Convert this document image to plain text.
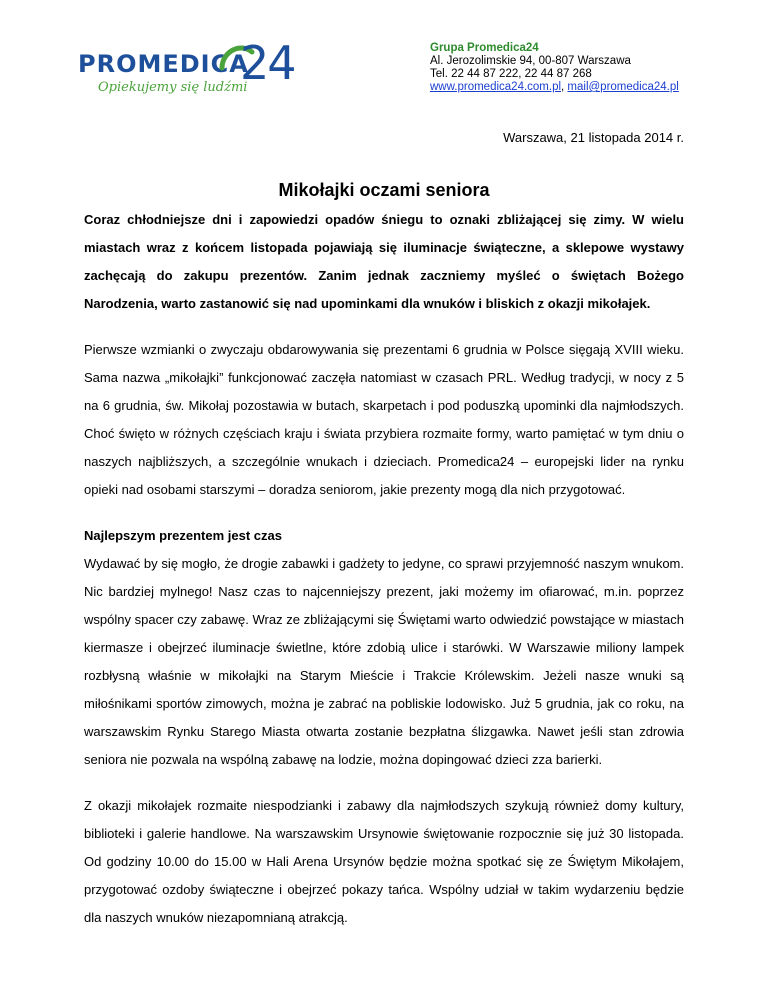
PROMEDICA
24
Opiekujemy się ludźmi
Grupa Promedica24
Al. Jerozolimskie 94, 00-807 Warszawa
Tel. 22 44 87 222, 22 44 87 268
www.promedica24.com.pl, mail@promedica24.pl
Warszawa, 21 listopada 2014 r.
Mikołajki oczami seniora

Coraz chłodniejsze dni i zapowiedzi opadów śniegu to oznaki zbliżającej się zimy. W wielu miastach wraz z końcem listopada pojawiają się iluminacje świąteczne, a sklepowe wystawy zachęcają do zakupu prezentów. Zanim jednak zaczniemy myśleć o świętach Bożego Narodzenia, warto zastanowić się nad upominkami dla wnuków i bliskich z okazji mikołajek.

Pierwsze wzmianki o zwyczaju obdarowywania się prezentami 6 grudnia w Polsce sięgają XVIII wieku. Sama nazwa „mikołajki” funkcjonować zaczęła natomiast w czasach PRL. Według tradycji, w nocy z 5 na 6 grudnia, św. Mikołaj pozostawia w butach, skarpetach i pod poduszką upominki dla najmłodszych. Choć święto w różnych częściach kraju i świata przybiera rozmaite formy, warto pamiętać w tym dniu o naszych najbliższych, a szczególnie wnukach i dzieciach. Promedica24 – europejski lider na rynku opieki nad osobami starszymi – doradza seniorom, jakie prezenty mogą dla nich przygotować.

Najlepszym prezentem jest czas

Wydawać by się mogło, że drogie zabawki i gadżety to jedyne, co sprawi przyjemność naszym wnukom. Nic bardziej mylnego! Nasz czas to najcenniejszy prezent, jaki możemy im ofiarować, m.in. poprzez wspólny spacer czy zabawę. Wraz ze zbliżającymi się Świętami warto odwiedzić powstające w miastach kiermasze i obejrzeć iluminacje świetlne, które zdobią ulice i starówki. W Warszawie miliony lampek rozbłysną właśnie w mikołajki na Starym Mieście i Trakcie Królewskim. Jeżeli nasze wnuki są miłośnikami sportów zimowych, można je zabrać na pobliskie lodowisko. Już 5 grudnia, jak co roku, na warszawskim Rynku Starego Miasta otwarta zostanie bezpłatna ślizgawka. Nawet jeśli stan zdrowia seniora nie pozwala na wspólną zabawę na lodzie, można dopingować dzieci zza barierki.

Z okazji mikołajek rozmaite niespodzianki i zabawy dla najmłodszych szykują również domy kultury, biblioteki i galerie handlowe. Na warszawskim Ursynowie świętowanie rozpocznie się już 30 listopada. Od godziny 10.00 do 15.00 w Hali Arena Ursynów będzie można spotkać się ze Świętym Mikołajem, przygotować ozdoby świąteczne i obejrzeć pokazy tańca. Wspólny udział w takim wydarzeniu będzie dla naszych wnuków niezapomnianą atrakcją.
